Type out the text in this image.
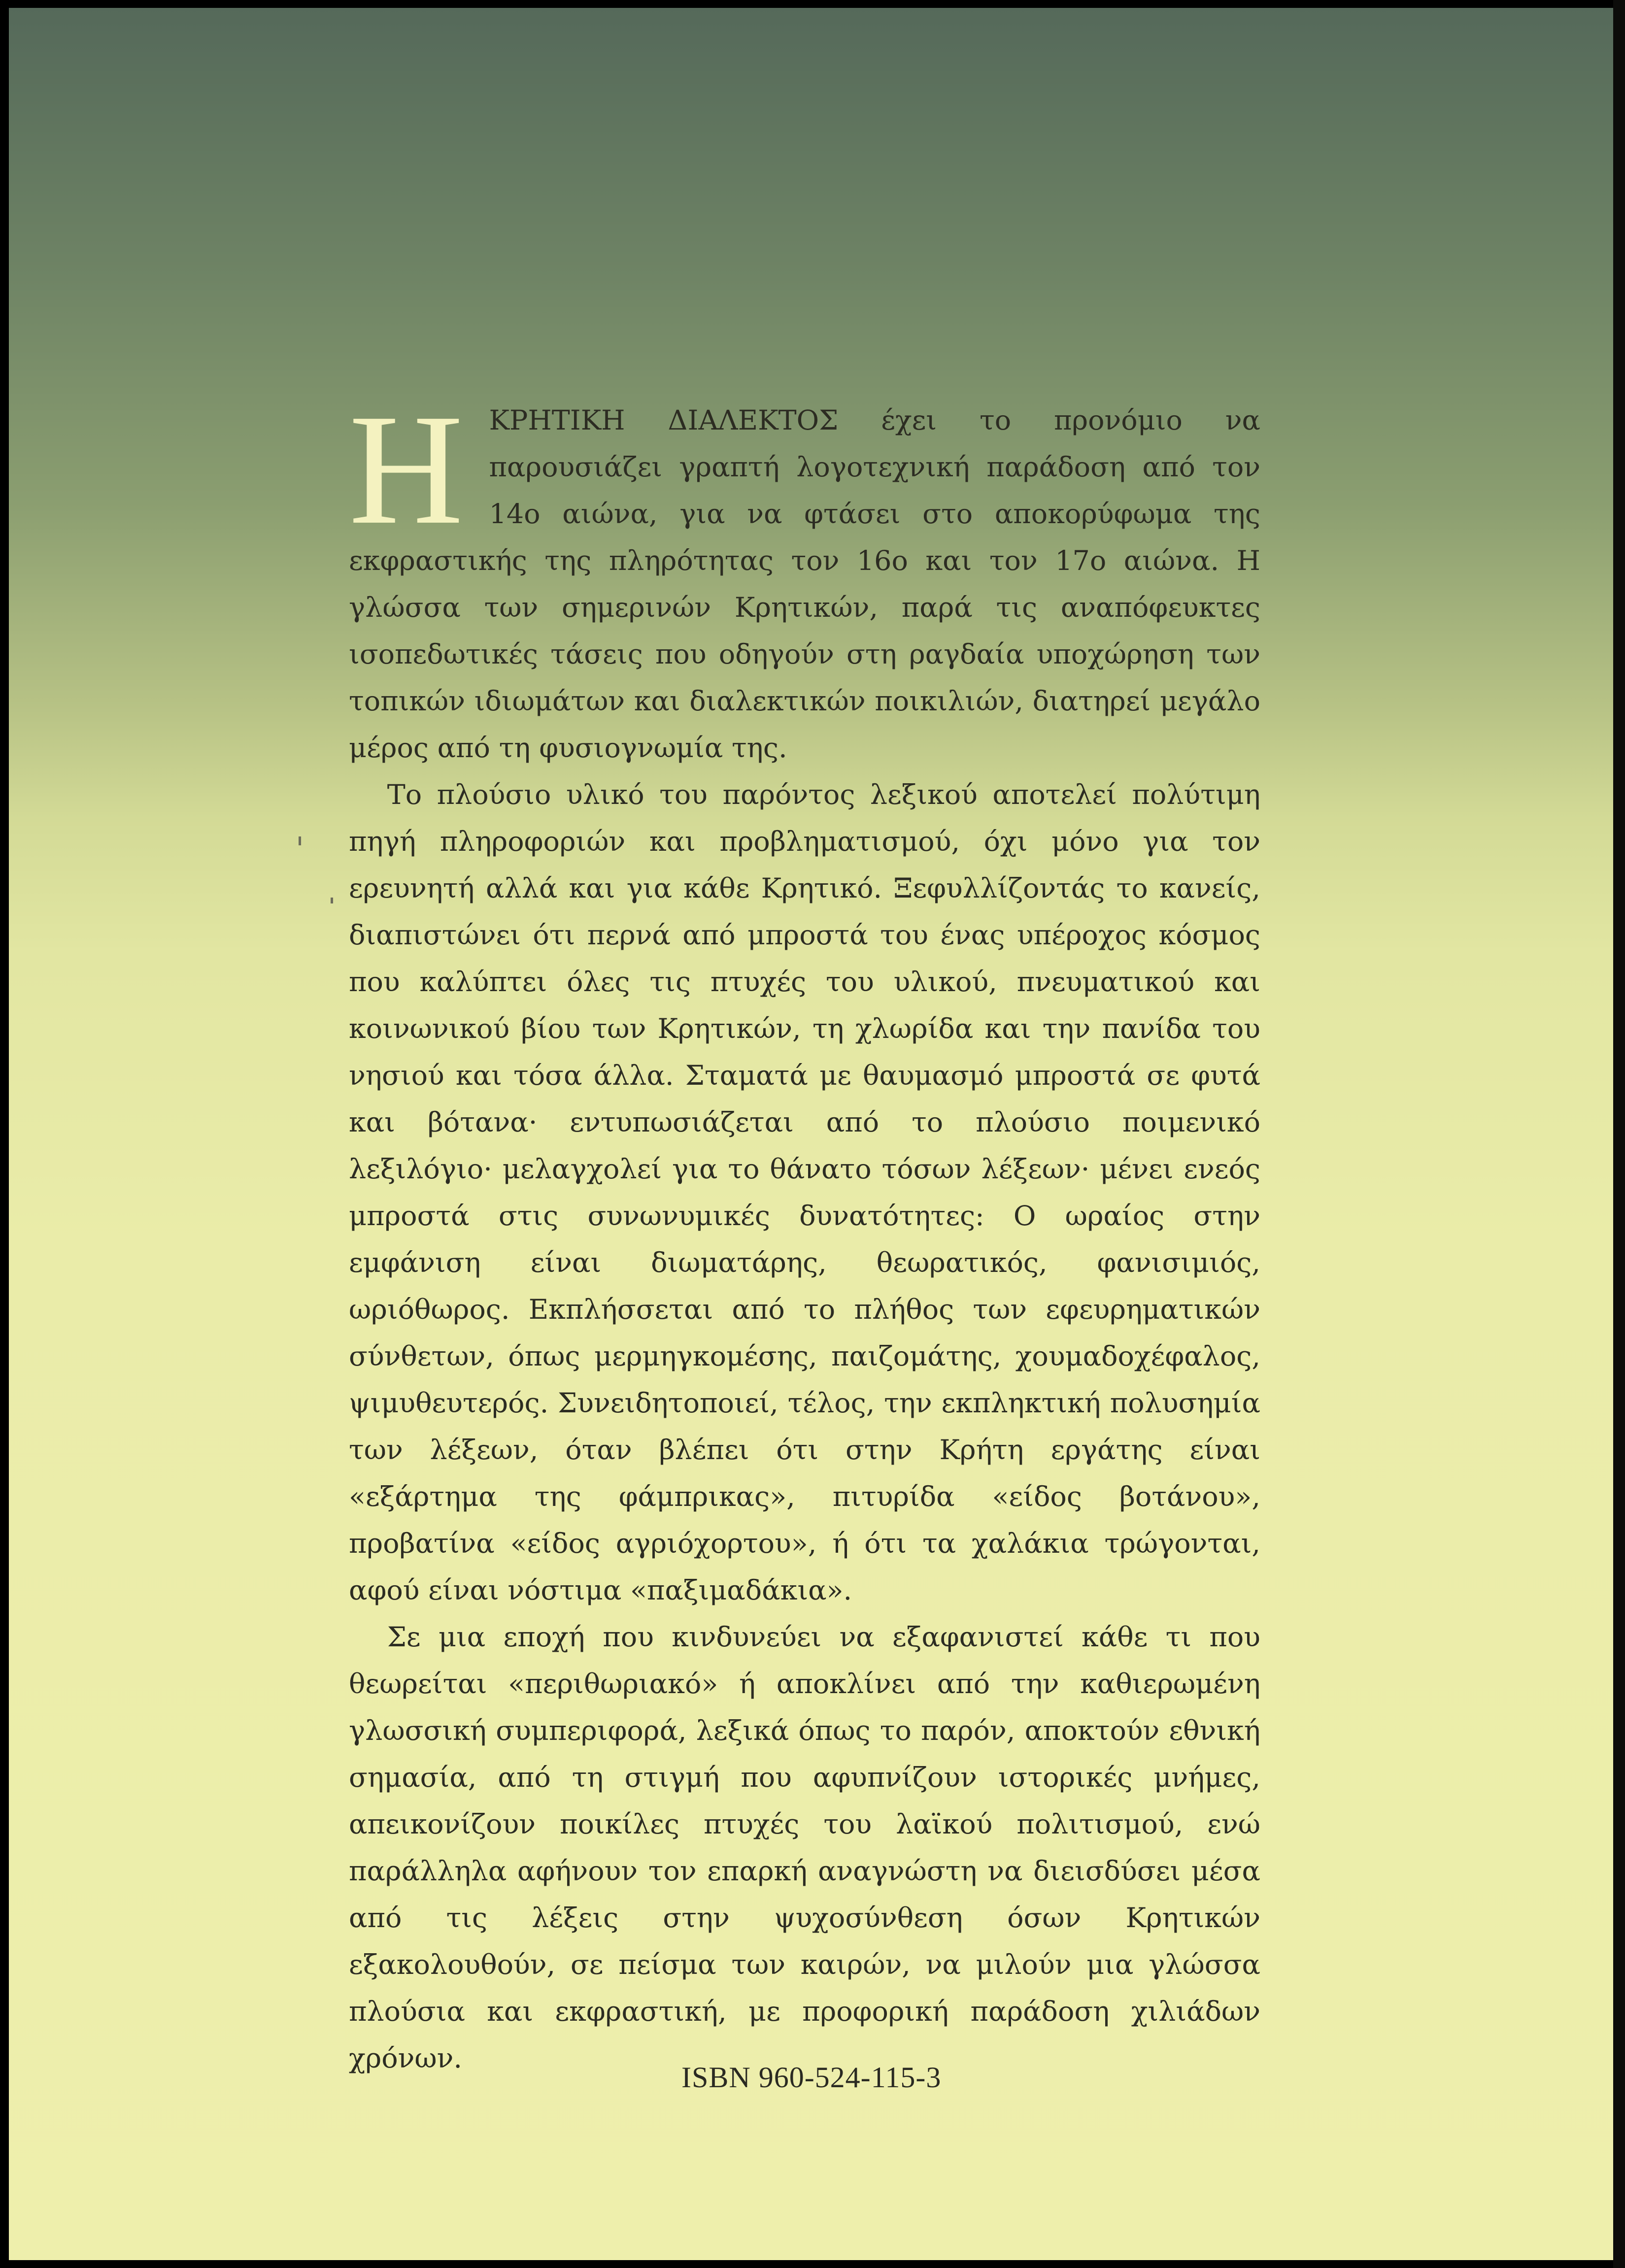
ΗΚΡΗΤΙΚΗ ΔΙΑΛΕΚΤΟΣ έχει το προνόμιο να παρουσιάζει γραπτή λογοτεχνική παράδοση από τον 14ο αιώνα, για να φτάσει στο αποκορύφωμα της εκφραστικής της πληρότητας τον 16ο και τον 17ο αιώνα. Η γλώσσα των σημερινών Κρητικών, παρά τις αναπόφευκτες ισοπεδωτικές τάσεις που οδηγούν στη ραγδαία υποχώρηση των τοπικών ιδιωμάτων και διαλεκτικών ποικιλιών, διατηρεί μεγάλο μέρος από τη φυσιογνωμία της.

Το πλούσιο υλικό του παρόντος λεξικού αποτελεί πολύτιμη πηγή πληροφοριών και προβληματισμού, όχι μόνο για τον ερευνητή αλλά και για κάθε Κρητικό. Ξεφυλλίζοντάς το κανείς, διαπιστώνει ότι περνά από μπροστά του ένας υπέροχος κόσμος που καλύπτει όλες τις πτυχές του υλικού, πνευματικού και κοινωνικού βίου των Κρητικών, τη χλωρίδα και την πανίδα του νησιού και τόσα άλλα. Σταματά με θαυμασμό μπροστά σε φυτά και βότανα· εντυπωσιάζεται από το πλούσιο ποιμενικό λεξιλόγιο· μελαγχολεί για το θάνατο τόσων λέξεων· μένει ενεός μπροστά στις συνωνυμικές δυνατότητες: Ο ωραίος στην εμφάνιση είναι διωματάρης, θεωρατικός, φανισιμιός, ωριόθωρος. Εκπλήσσεται από το πλήθος των εφευρηματικών σύνθετων, όπως μερμηγκομέσης, παιζομάτης, χουμαδοχέφαλος, ψιμυθευτερός. Συνειδητοποιεί, τέλος, την εκπληκτική πολυσημία των λέξεων, όταν βλέπει ότι στην Κρήτη εργάτης είναι «εξάρτημα της φάμπρικας», πιτυρίδα «είδος βοτάνου», προβατίνα «είδος αγριόχορτου», ή ότι τα χαλάκια τρώγονται, αφού είναι νόστιμα «παξιμαδάκια».

Σε μια εποχή που κινδυνεύει να εξαφανιστεί κάθε τι που θεωρείται «περιθωριακό» ή αποκλίνει από την καθιερωμένη γλωσσική συμπεριφορά, λεξικά όπως το παρόν, αποκτούν εθνική σημασία, από τη στιγμή που αφυπνίζουν ιστορικές μνήμες, απεικονίζουν ποικίλες πτυχές του λαϊκού πολιτισμού, ενώ παράλληλα αφήνουν τον επαρκή αναγνώστη να διεισδύσει μέσα από τις λέξεις στην ψυχοσύνθεση όσων Κρητικών εξακολουθούν, σε πείσμα των καιρών, να μιλούν μια γλώσσα πλούσια και εκφραστική, με προφορική παράδοση χιλιάδων χρόνων.

ISBN 960-524-115-3
